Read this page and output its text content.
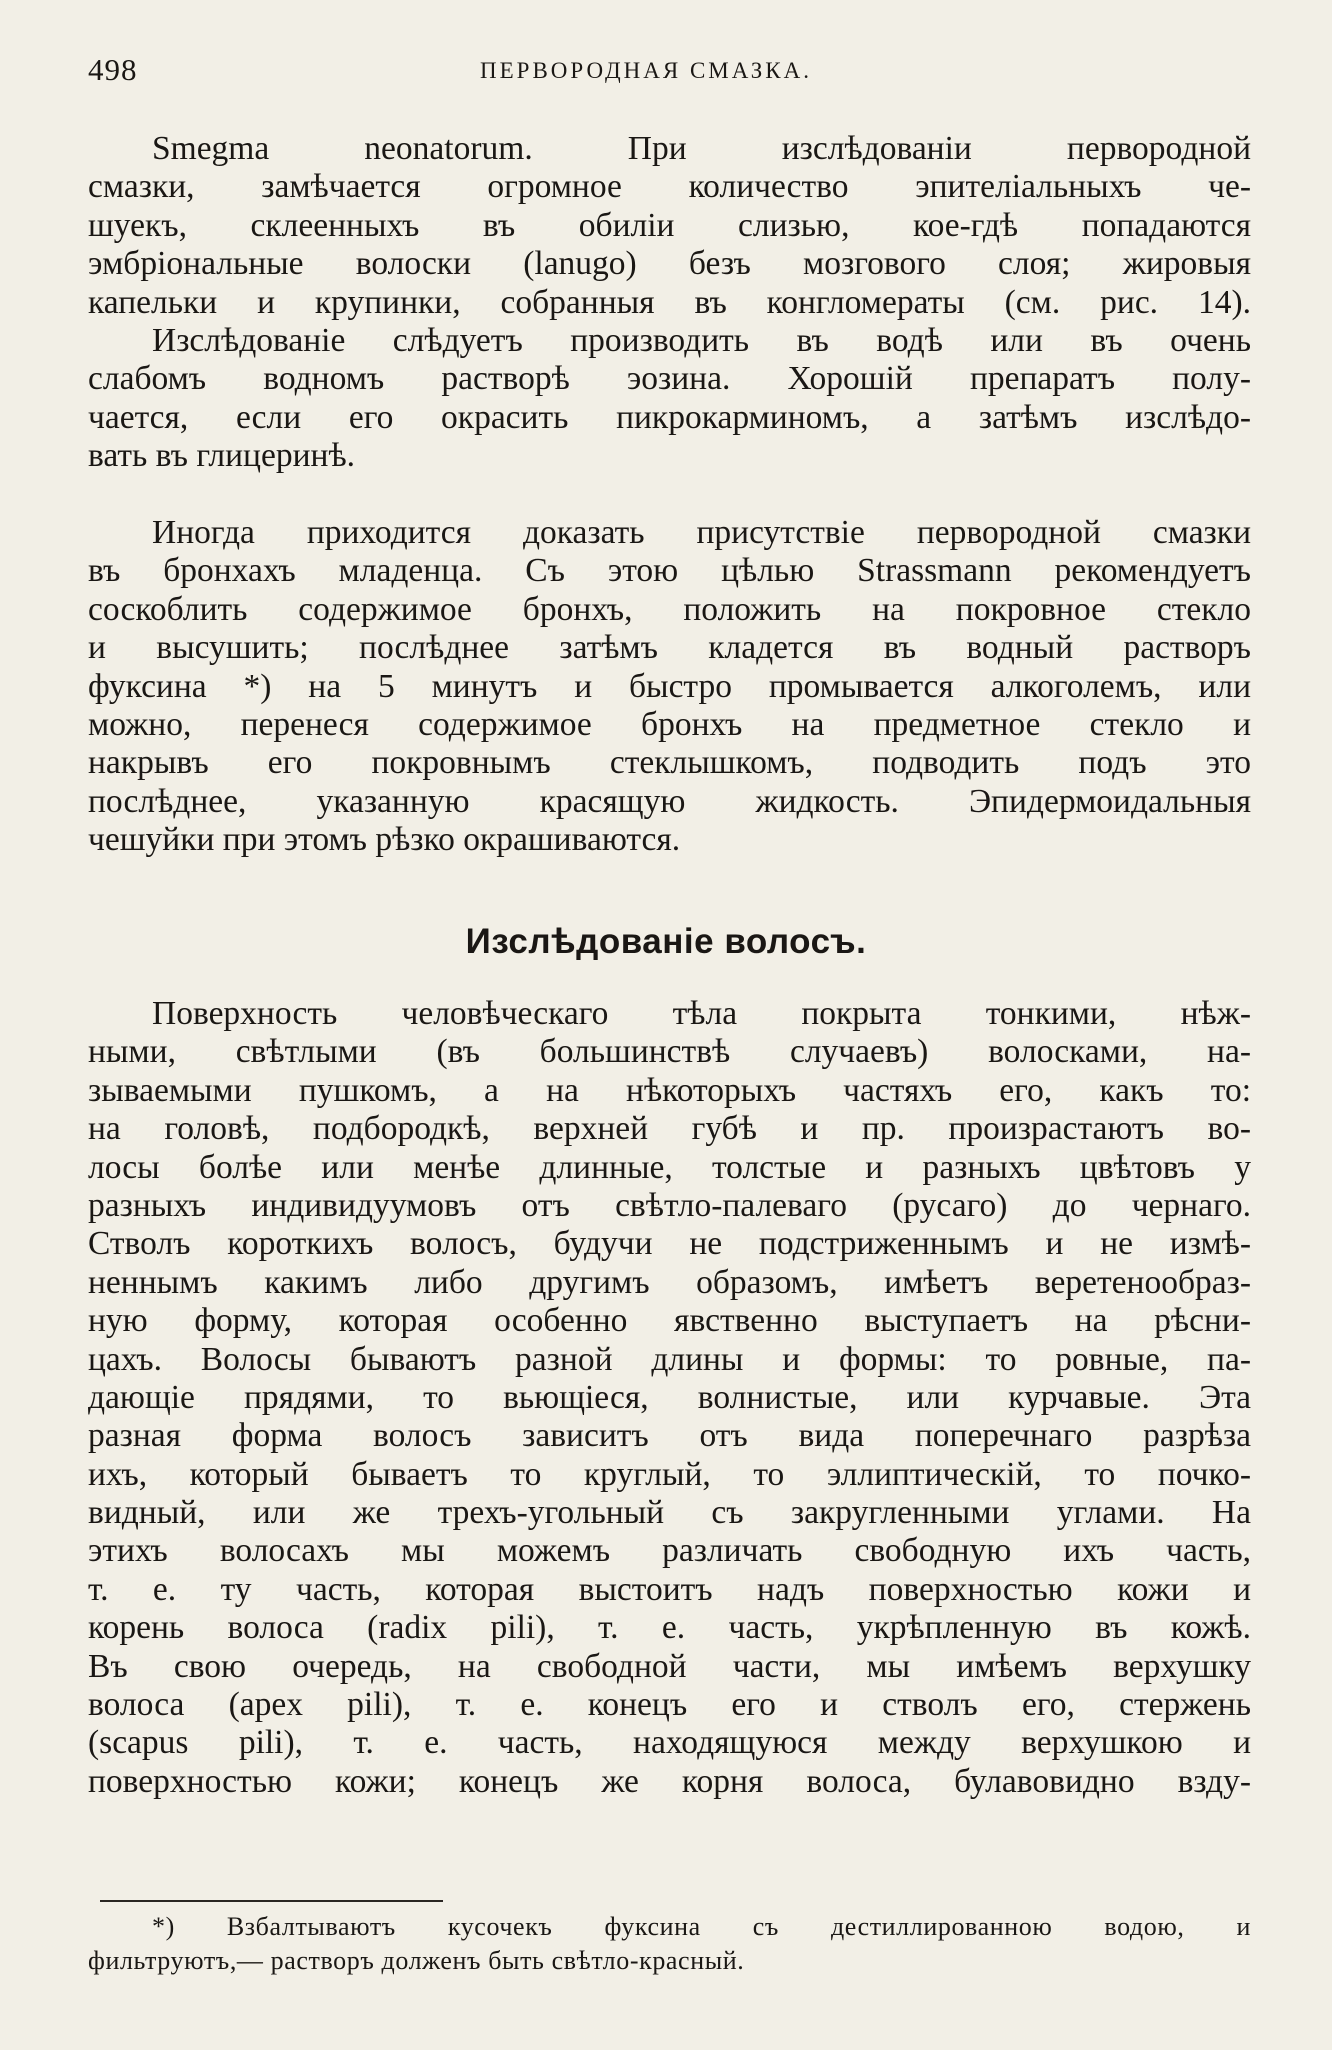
498	ПЕРВОРОДНАЯ СМАЗКА.
Smegma neonatorum. При изслѣдованіи первородной
смазки, замѣчается огромное количество эпителіальныхъ че-
шуекъ, склеенныхъ въ обиліи слизью, кое-гдѣ попадаются
эмбріональные волоски (lanugo) безъ мозгового слоя; жировыя
капельки и крупинки, собранныя въ конгломераты (см. рис. 14).
Изслѣдованіе слѣдуетъ производить въ водѣ или въ очень
слабомъ водномъ растворѣ эозина. Хорошій препаратъ полу-
чается, если его окрасить пикрокарминомъ, а затѣмъ изслѣдо-
вать въ глицеринѣ.
Иногда приходится доказать присутствіе первородной смазки
въ бронхахъ младенца. Съ этою цѣлью Strassmann рекомендуетъ
соскоблить содержимое бронхъ, положить на покровное стекло
и высушить; послѣднее затѣмъ кладется въ водный растворъ
фуксина *) на 5 минутъ и быстро промывается алкоголемъ, или
можно, перенеся содержимое бронхъ на предметное стекло и
накрывъ его покровнымъ стеклышкомъ, подводить подъ это
послѣднее, указанную красящую жидкость. Эпидермоидальныя
чешуйки при этомъ рѣзко окрашиваются.
Изслѣдованіе волосъ.
Поверхность человѣческаго тѣла покрыта тонкими, нѣж-
ными, свѣтлыми (въ большинствѣ случаевъ) волосками, на-
зываемыми пушкомъ, а на нѣкоторыхъ частяхъ его, какъ то:
на головѣ, подбородкѣ, верхней губѣ и пр. произрастаютъ во-
лосы болѣе или менѣе длинные, толстые и разныхъ цвѣтовъ у
разныхъ индивидуумовъ отъ свѣтло-палеваго (русаго) до чернаго.
Стволъ короткихъ волосъ, будучи не подстриженнымъ и не измѣ-
неннымъ какимъ либо другимъ образомъ, имѣетъ веретенообраз-
ную форму, которая особенно явственно выступаетъ на рѣсни-
цахъ. Волосы бываютъ разной длины и формы: то ровные, па-
дающіе прядями, то вьющіеся, волнистые, или курчавые. Эта
разная форма волосъ зависитъ отъ вида поперечнаго разрѣза
ихъ, который бываетъ то круглый, то эллиптическій, то почко-
видный, или же трехъ-угольный съ закругленными углами. На
этихъ волосахъ мы можемъ различать свободную ихъ часть,
т. е. ту часть, которая выстоитъ надъ поверхностью кожи и
корень волоса (radix pili), т. е. часть, укрѣпленную въ кожѣ.
Въ свою очередь, на свободной части, мы имѣемъ верхушку
волоса (apex pili), т. е. конецъ его и стволъ его, стержень
(scapus pili), т. е. часть, находящуюся между верхушкою и
поверхностью кожи; конецъ же корня волоса, булавовидно взду-
*) Взбалтываютъ кусочекъ фуксина съ дестиллированною водою, и
фильтруютъ,— растворъ долженъ быть свѣтло-красный.
